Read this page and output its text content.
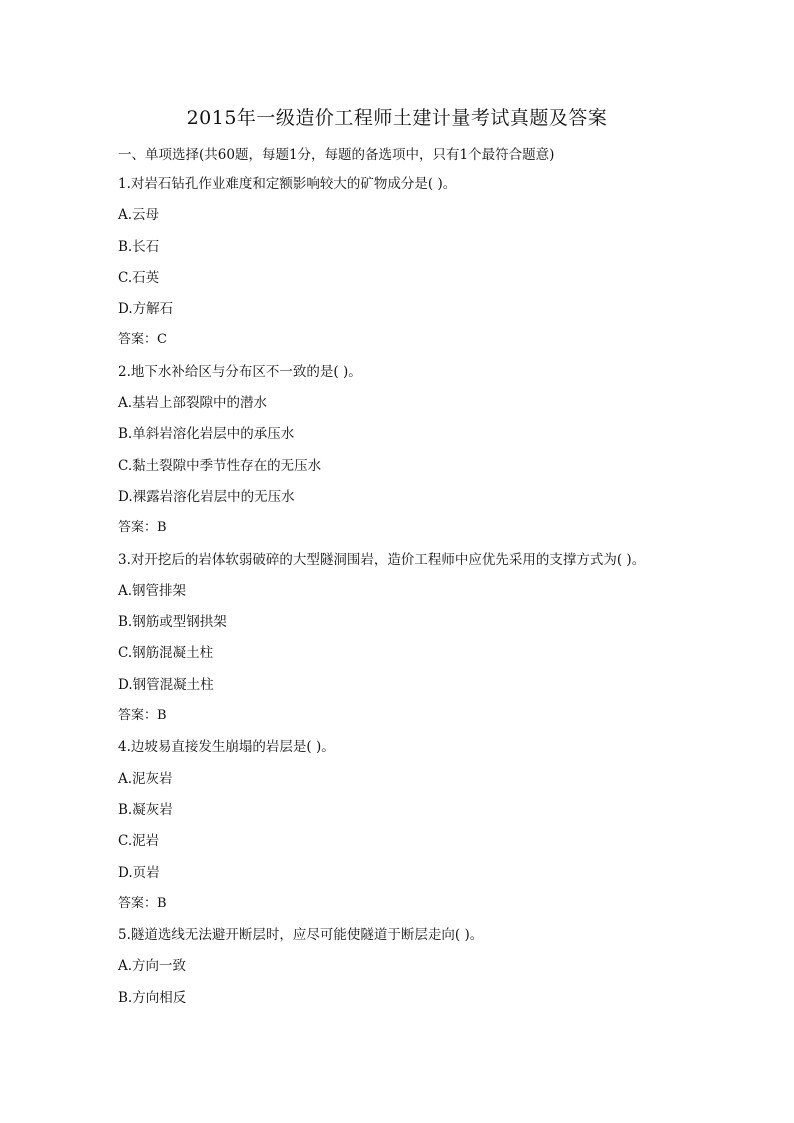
2015年一级造价工程师土建计量考试真题及答案
一、单项选择(共60题，每题1分，每题的备选项中，只有1个最符合题意)
1.对岩石钻孔作业难度和定额影响较大的矿物成分是( )。
A.云母
B.长石
C.石英
D.方解石
答案：C
2.地下水补给区与分布区不一致的是( )。
A.基岩上部裂隙中的潜水
B.单斜岩溶化岩层中的承压水
C.黏土裂隙中季节性存在的无压水
D.裸露岩溶化岩层中的无压水
答案：B
3.对开挖后的岩体软弱破碎的大型隧洞围岩，造价工程师中应优先采用的支撑方式为( )。
A.钢管排架
B.钢筋或型钢拱架
C.钢筋混凝土柱
D.钢管混凝土柱
答案：B
4.边坡易直接发生崩塌的岩层是( )。
A.泥灰岩
B.凝灰岩
C.泥岩
D.页岩
答案：B
5.隧道选线无法避开断层时，应尽可能使隧道于断层走向( )。
A.方向一致
B.方向相反
